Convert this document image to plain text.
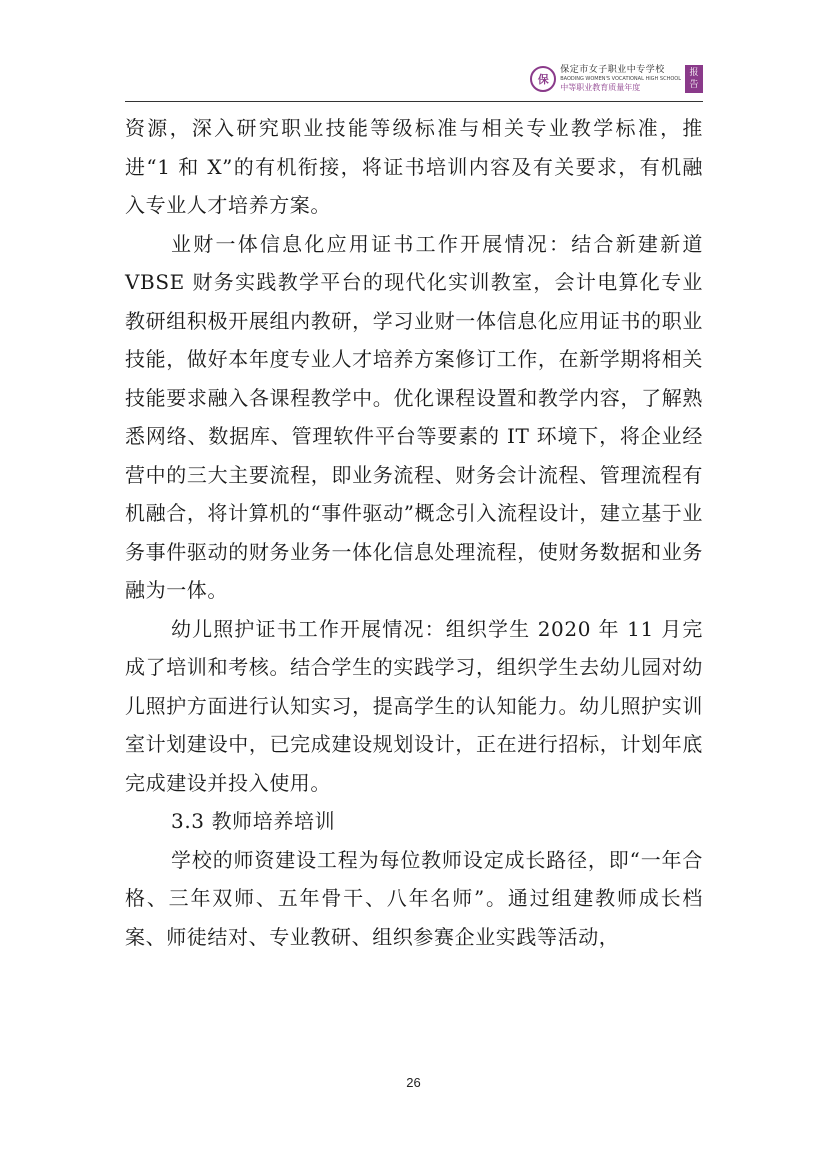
保
保定市女子职业中专学校
BAODING WOMEN'S VOCATIONAL HIGH SCHOOL
中等职业教育质量年度
报
告

资源，深入研究职业技能等级标准与相关专业教学标准，推进“1 和 X”的有机衔接，将证书培训内容及有关要求，有机融入专业人才培养方案。

业财一体信息化应用证书工作开展情况：结合新建新道 VBSE 财务实践教学平台的现代化实训教室，会计电算化专业教研组积极开展组内教研，学习业财一体信息化应用证书的职业技能，做好本年度专业人才培养方案修订工作，在新学期将相关技能要求融入各课程教学中。优化课程设置和教学内容，了解熟悉网络、数据库、管理软件平台等要素的 IT 环境下，将企业经营中的三大主要流程，即业务流程、财务会计流程、管理流程有机融合，将计算机的“事件驱动”概念引入流程设计，建立基于业务事件驱动的财务业务一体化信息处理流程，使财务数据和业务融为一体。

幼儿照护证书工作开展情况：组织学生 2020 年 11 月完成了培训和考核。结合学生的实践学习，组织学生去幼儿园对幼儿照护方面进行认知实习，提高学生的认知能力。幼儿照护实训室计划建设中，已完成建设规划设计，正在进行招标，计划年底完成建设并投入使用。

3.3 教师培养培训

学校的师资建设工程为每位教师设定成长路径，即“一年合格、三年双师、五年骨干、八年名师”。通过组建教师成长档案、师徒结对、专业教研、组织参赛企业实践等活动，

26
